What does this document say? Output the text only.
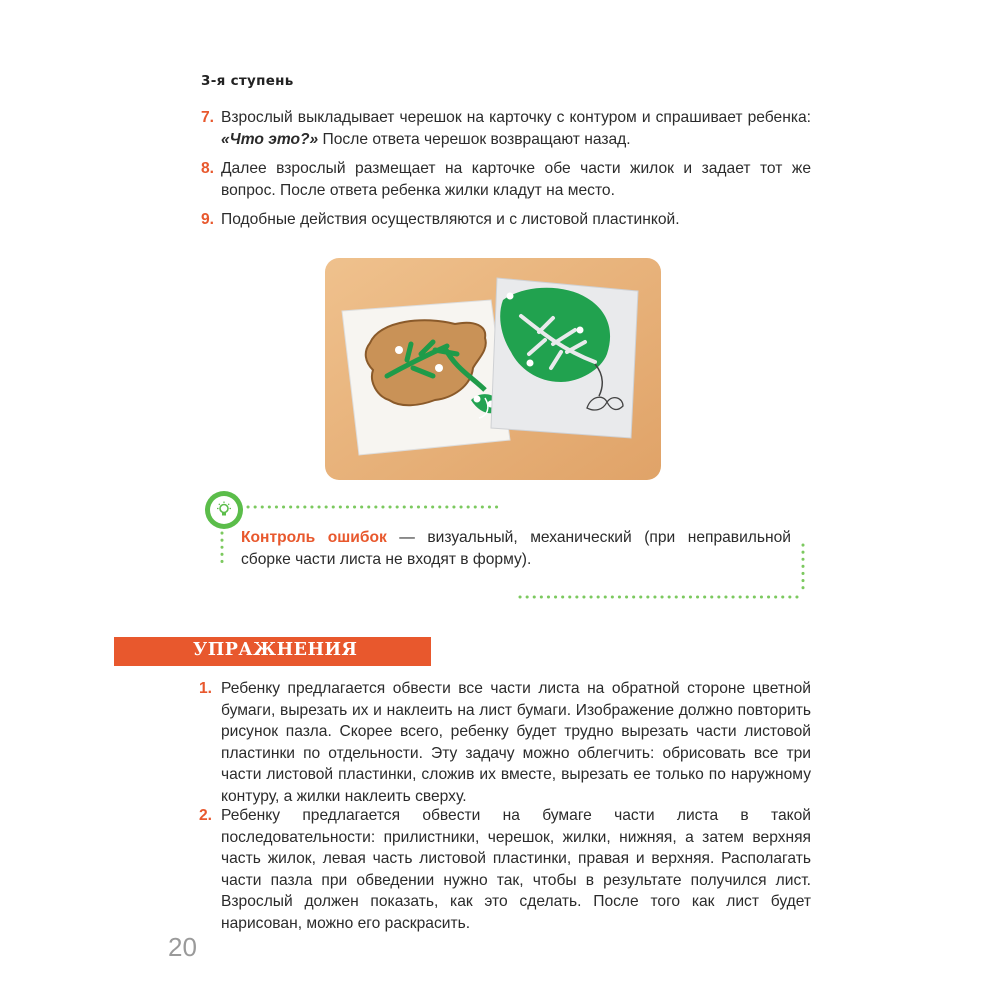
3-я ступень
7. Взрослый выкладывает черешок на карточку с контуром и спрашивает ребенка: «Что это?» После ответа черешок возвращают назад.
8. Далее взрослый размещает на карточке обе части жилок и задает тот же вопрос. После ответа ребенка жилки кладут на место.
9. Подобные действия осуществляются и с листовой пластинкой.
Контроль ошибок — визуальный, механический (при неправильной сборке части листа не входят в форму).
УПРАЖНЕНИЯ
1. Ребенку предлагается обвести все части листа на обратной стороне цветной бумаги, вырезать их и наклеить на лист бумаги. Изображение должно повторить рисунок пазла. Скорее всего, ребенку будет трудно вырезать части листовой пластинки по отдельности. Эту задачу можно облегчить: обрисовать все три части листовой пластинки, сложив их вместе, вырезать ее только по наружному контуру, а жилки наклеить сверху.
2. Ребенку предлагается обвести на бумаге части листа в такой последовательности: прилистники, черешок, жилки, нижняя, а затем верхняя часть жилок, левая часть листовой пластинки, правая и верхняя. Располагать части пазла при обведении нужно так, чтобы в результате получился лист. Взрослый должен показать, как это сделать. После того как лист будет нарисован, можно его раскрасить.
20
